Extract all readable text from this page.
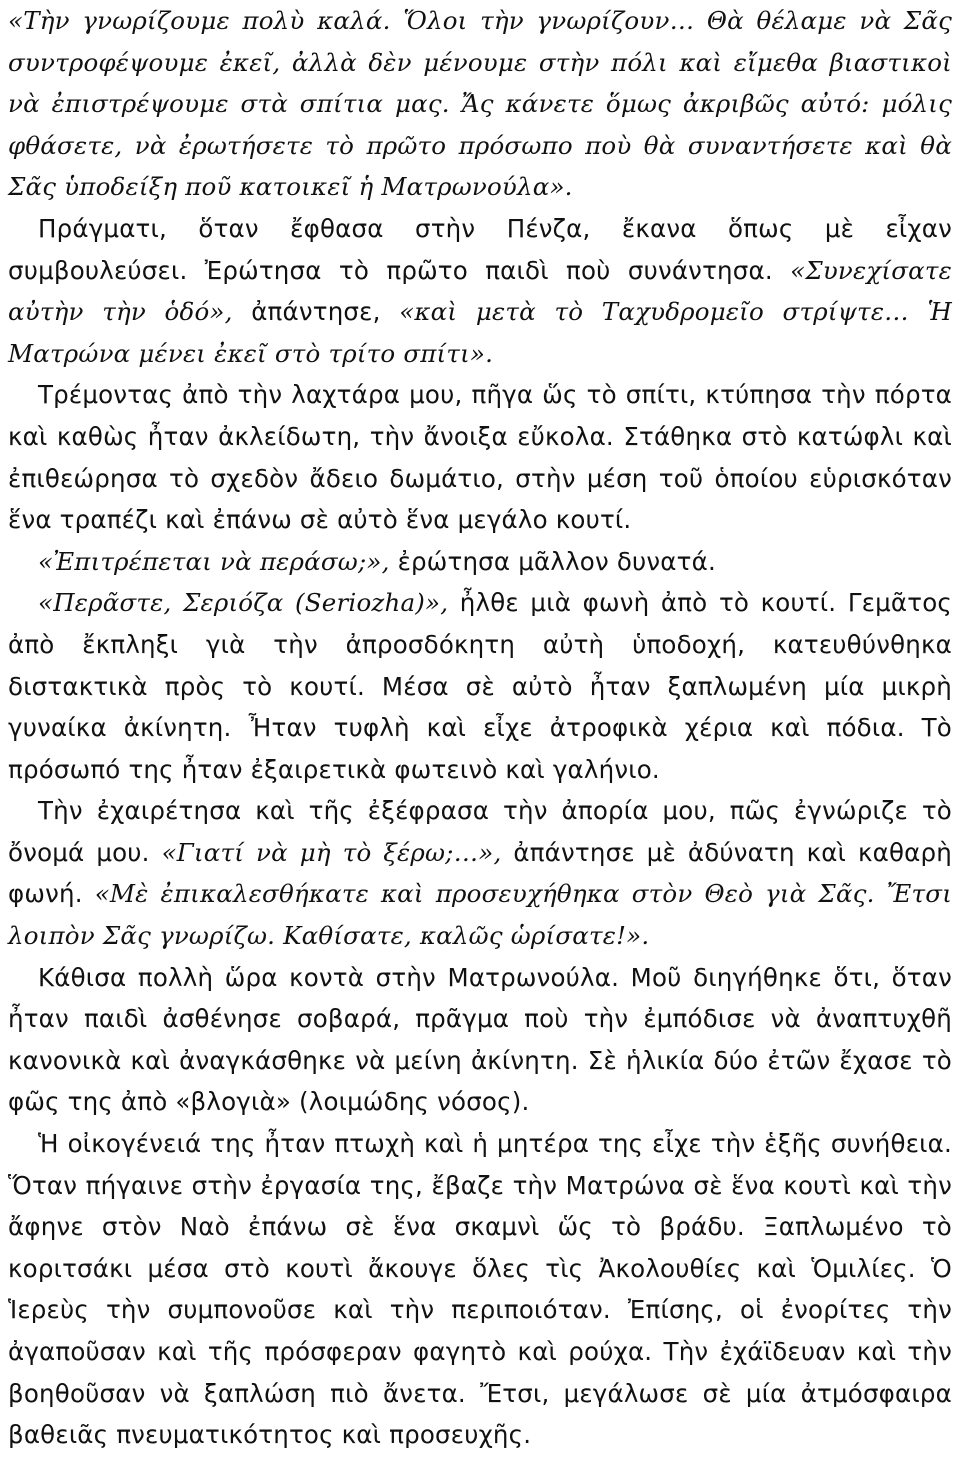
«Τὴν γνωρίζουμε πολὺ καλά. Ὅλοι τὴν γνωρίζουν… Θὰ θέλαμε νὰ Σᾶς συντροφέψουμε ἐκεῖ, ἀλλὰ δὲν μένουμε στὴν πόλι καὶ εἴμεθα βιαστικοὶ νὰ ἐπιστρέψουμε στὰ σπίτια μας. Ἄς κάνετε ὅμως ἀκριβῶς αὐτό: μόλις φθάσετε, νὰ ἐρωτήσετε τὸ πρῶτο πρόσωπο ποὺ θὰ συναντήσετε καὶ θὰ Σᾶς ὑποδείξη ποῦ κατοικεῖ ἡ Ματρωνούλα».
Πράγματι, ὅταν ἔφθασα στὴν Πένζα, ἔκανα ὅπως μὲ εἶχαν συμβουλεύσει. Ἐρώτησα τὸ πρῶτο παιδὶ ποὺ συνάντησα. «Συνεχίσατε αὐτὴν τὴν ὁδό», ἀπάντησε, «καὶ μετὰ τὸ Ταχυδρομεῖο στρίψτε… Ἡ Ματρώνα μένει ἐκεῖ στὸ τρίτο σπίτι».
Τρέμοντας ἀπὸ τὴν λαχτάρα μου, πῆγα ὥς τὸ σπίτι, κτύπησα τὴν πόρτα καὶ καθὼς ἦταν ἀκλείδωτη, τὴν ἄνοιξα εὔκολα. Στάθηκα στὸ κατώφλι καὶ ἐπιθεώρησα τὸ σχεδὸν ἄδειο δωμάτιο, στὴν μέση τοῦ ὁποίου εὑρισκόταν ἕνα τραπέζι καὶ ἐπάνω σὲ αὐτὸ ἕνα μεγάλο κουτί.
«Ἐπιτρέπεται νὰ περάσω;», ἐρώτησα μᾶλλον δυνατά.
«Περᾶστε, Σεριόζα (Seriozha)», ἦλθε μιὰ φωνὴ ἀπὸ τὸ κουτί. Γεμᾶτος ἀπὸ ἔκπληξι γιὰ τὴν ἀπροσδόκητη αὐτὴ ὑποδοχή, κατευθύνθηκα διστακτικὰ πρὸς τὸ κουτί. Μέσα σὲ αὐτὸ ἦταν ξαπλωμένη μία μικρὴ γυναίκα ἀκίνητη. Ἦταν τυφλὴ καὶ εἶχε ἀτροφικὰ χέρια καὶ πόδια. Τὸ πρόσωπό της ἦταν ἐξαιρετικὰ φωτεινὸ καὶ γαλήνιο.
Τὴν ἐχαιρέτησα καὶ τῆς ἐξέφρασα τὴν ἀπορία μου, πῶς ἐγνώριζε τὸ ὄνομά μου. «Γιατί νὰ μὴ τὸ ξέρω;…», ἀπάντησε μὲ ἀδύνατη καὶ καθαρὴ φωνή. «Μὲ ἐπικαλεσθήκατε καὶ προσευχήθηκα στὸν Θεὸ γιὰ Σᾶς. Ἔτσι λοιπὸν Σᾶς γνωρίζω. Καθίσατε, καλῶς ὡρίσατε!».
Κάθισα πολλὴ ὥρα κοντὰ στὴν Ματρωνούλα. Μοῦ διηγήθηκε ὅτι, ὅταν ἦταν παιδὶ ἀσθένησε σοβαρά, πρᾶγμα ποὺ τὴν ἐμπόδισε νὰ ἀναπτυχθῆ κανονικὰ καὶ ἀναγκάσθηκε νὰ μείνη ἀκίνητη. Σὲ ἡλικία δύο ἐτῶν ἔχασε τὸ φῶς της ἀπὸ «βλογιὰ» (λοιμώδης νόσος).
Ἡ οἰκογένειά της ἦταν πτωχὴ καὶ ἡ μητέρα της εἶχε τὴν ἑξῆς συνήθεια. Ὅταν πήγαινε στὴν ἐργασία της, ἔβαζε τὴν Ματρώνα σὲ ἕνα κουτὶ καὶ τὴν ἄφηνε στὸν Ναὸ ἐπάνω σὲ ἕνα σκαμνὶ ὥς τὸ βράδυ. Ξαπλωμένο τὸ κοριτσάκι μέσα στὸ κουτὶ ἄκουγε ὅλες τὶς Ἀκολουθίες καὶ Ὁμιλίες. Ὁ Ἱερεὺς τὴν συμπονοῦσε καὶ τὴν περιποιόταν. Ἐπίσης, οἱ ἐνορίτες τὴν ἀγαποῦσαν καὶ τῆς πρόσφεραν φαγητὸ καὶ ρούχα. Τὴν ἐχάϊδευαν καὶ τὴν βοηθοῦσαν νὰ ξαπλώση πιὸ ἄνετα. Ἔτσι, μεγάλωσε σὲ μία ἀτμόσφαιρα βαθειᾶς πνευματικότητος καὶ προσευχῆς.
